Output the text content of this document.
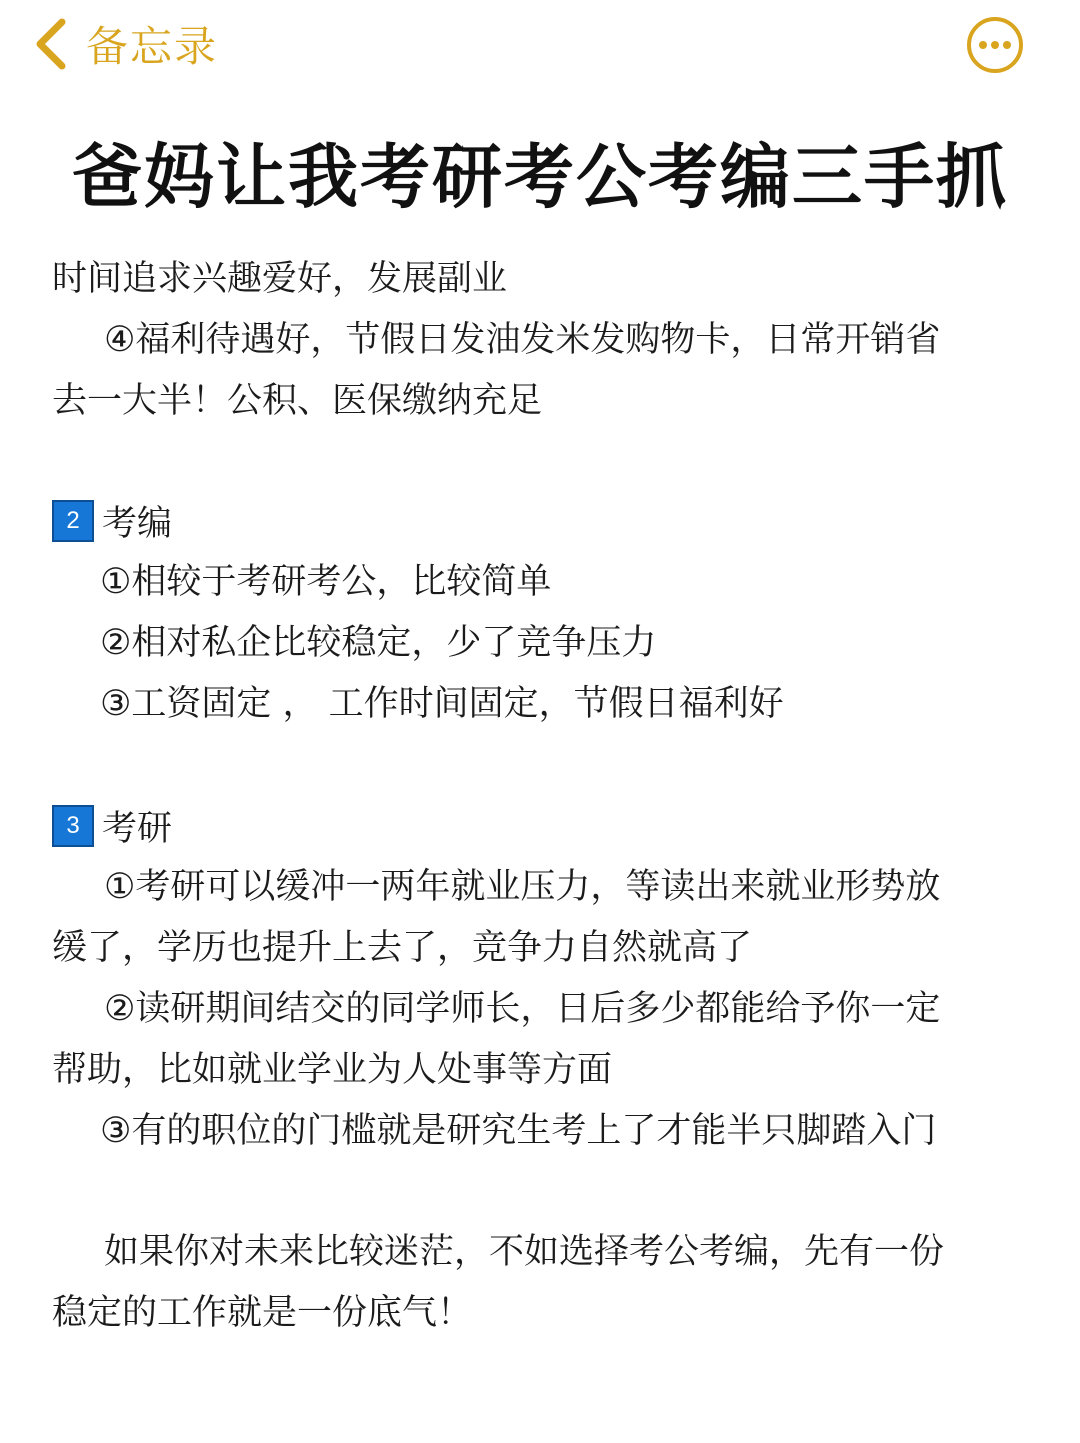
备忘录
爸妈让我考研考公考编三手抓
时间追求兴趣爱好，发展副业
④福利待遇好，节假日发油发米发购物卡，日常开销省
去一大半！公积、医保缴纳充足
2 考编
①相较于考研考公，比较简单
②相对私企比较稳定，少了竞争压力
③工资固定 ， 工作时间固定，节假日福利好
3 考研
①考研可以缓冲一两年就业压力，等读出来就业形势放
缓了，学历也提升上去了，竞争力自然就高了
②读研期间结交的同学师长，日后多少都能给予你一定
帮助，比如就业学业为人处事等方面
③有的职位的门槛就是研究生考上了才能半只脚踏入门
如果你对未来比较迷茫，不如选择考公考编，先有一份
稳定的工作就是一份底气！
